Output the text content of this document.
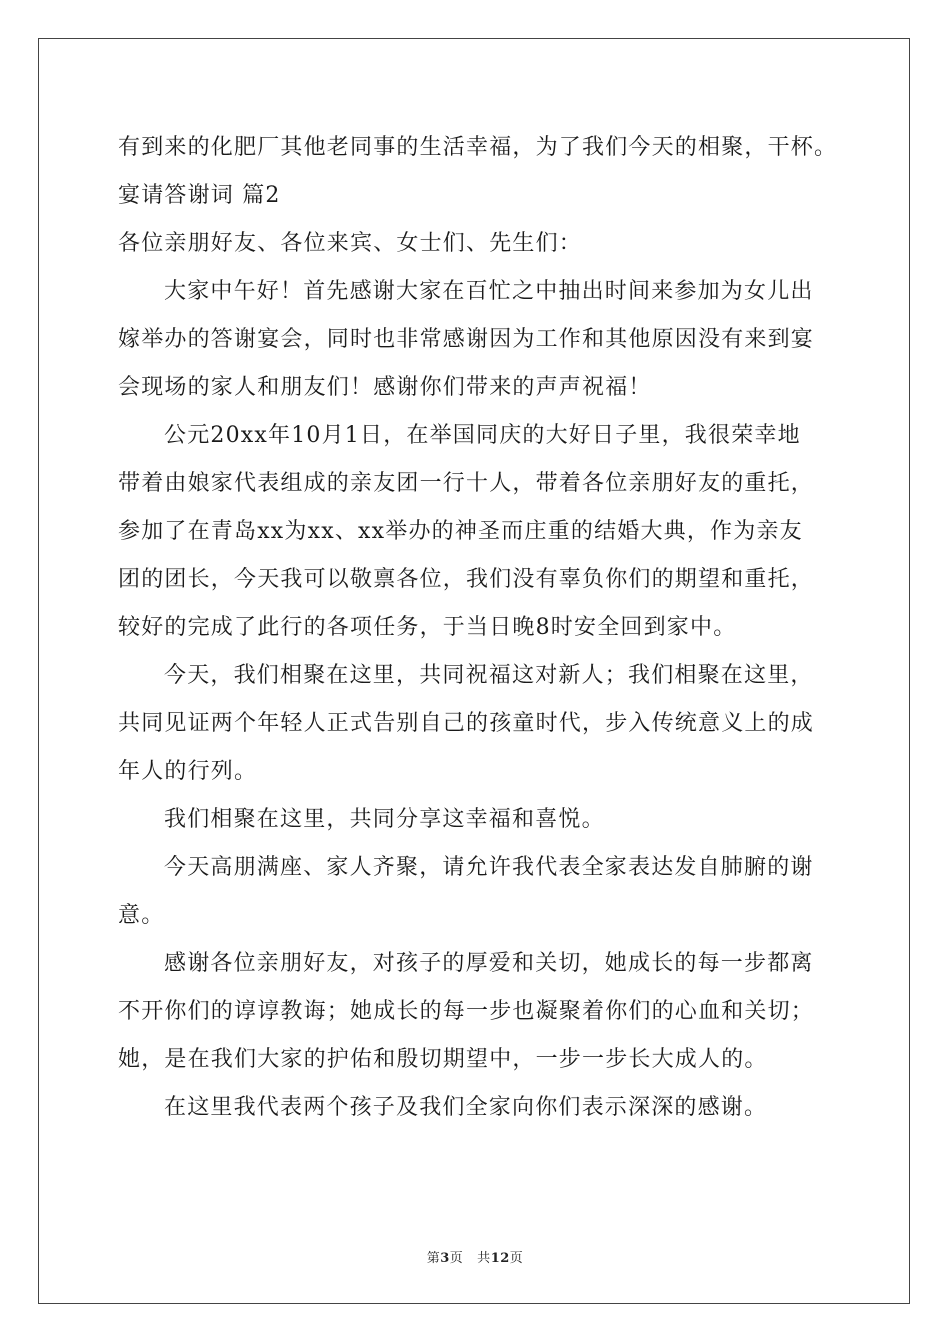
有到来的化肥厂其他老同事的生活幸福，为了我们今天的相聚，干杯。
宴请答谢词 篇2
各位亲朋好友、各位来宾、女士们、先生们：
大家中午好！首先感谢大家在百忙之中抽出时间来参加为女儿出
嫁举办的答谢宴会，同时也非常感谢因为工作和其他原因没有来到宴
会现场的家人和朋友们！感谢你们带来的声声祝福！
公元20xx年10月1日，在举国同庆的大好日子里，我很荣幸地
带着由娘家代表组成的亲友团一行十人，带着各位亲朋好友的重托，
参加了在青岛xx为xx、xx举办的神圣而庄重的结婚大典，作为亲友
团的团长，今天我可以敬禀各位，我们没有辜负你们的期望和重托，
较好的完成了此行的各项任务，于当日晚8时安全回到家中。
今天，我们相聚在这里，共同祝福这对新人；我们相聚在这里，
共同见证两个年轻人正式告别自己的孩童时代，步入传统意义上的成
年人的行列。
我们相聚在这里，共同分享这幸福和喜悦。
今天高朋满座、家人齐聚，请允许我代表全家表达发自肺腑的谢
意。
感谢各位亲朋好友，对孩子的厚爱和关切，她成长的每一步都离
不开你们的谆谆教诲；她成长的每一步也凝聚着你们的心血和关切；
她，是在我们大家的护佑和殷切期望中，一步一步长大成人的。
在这里我代表两个孩子及我们全家向你们表示深深的感谢。
第3页 共12页
